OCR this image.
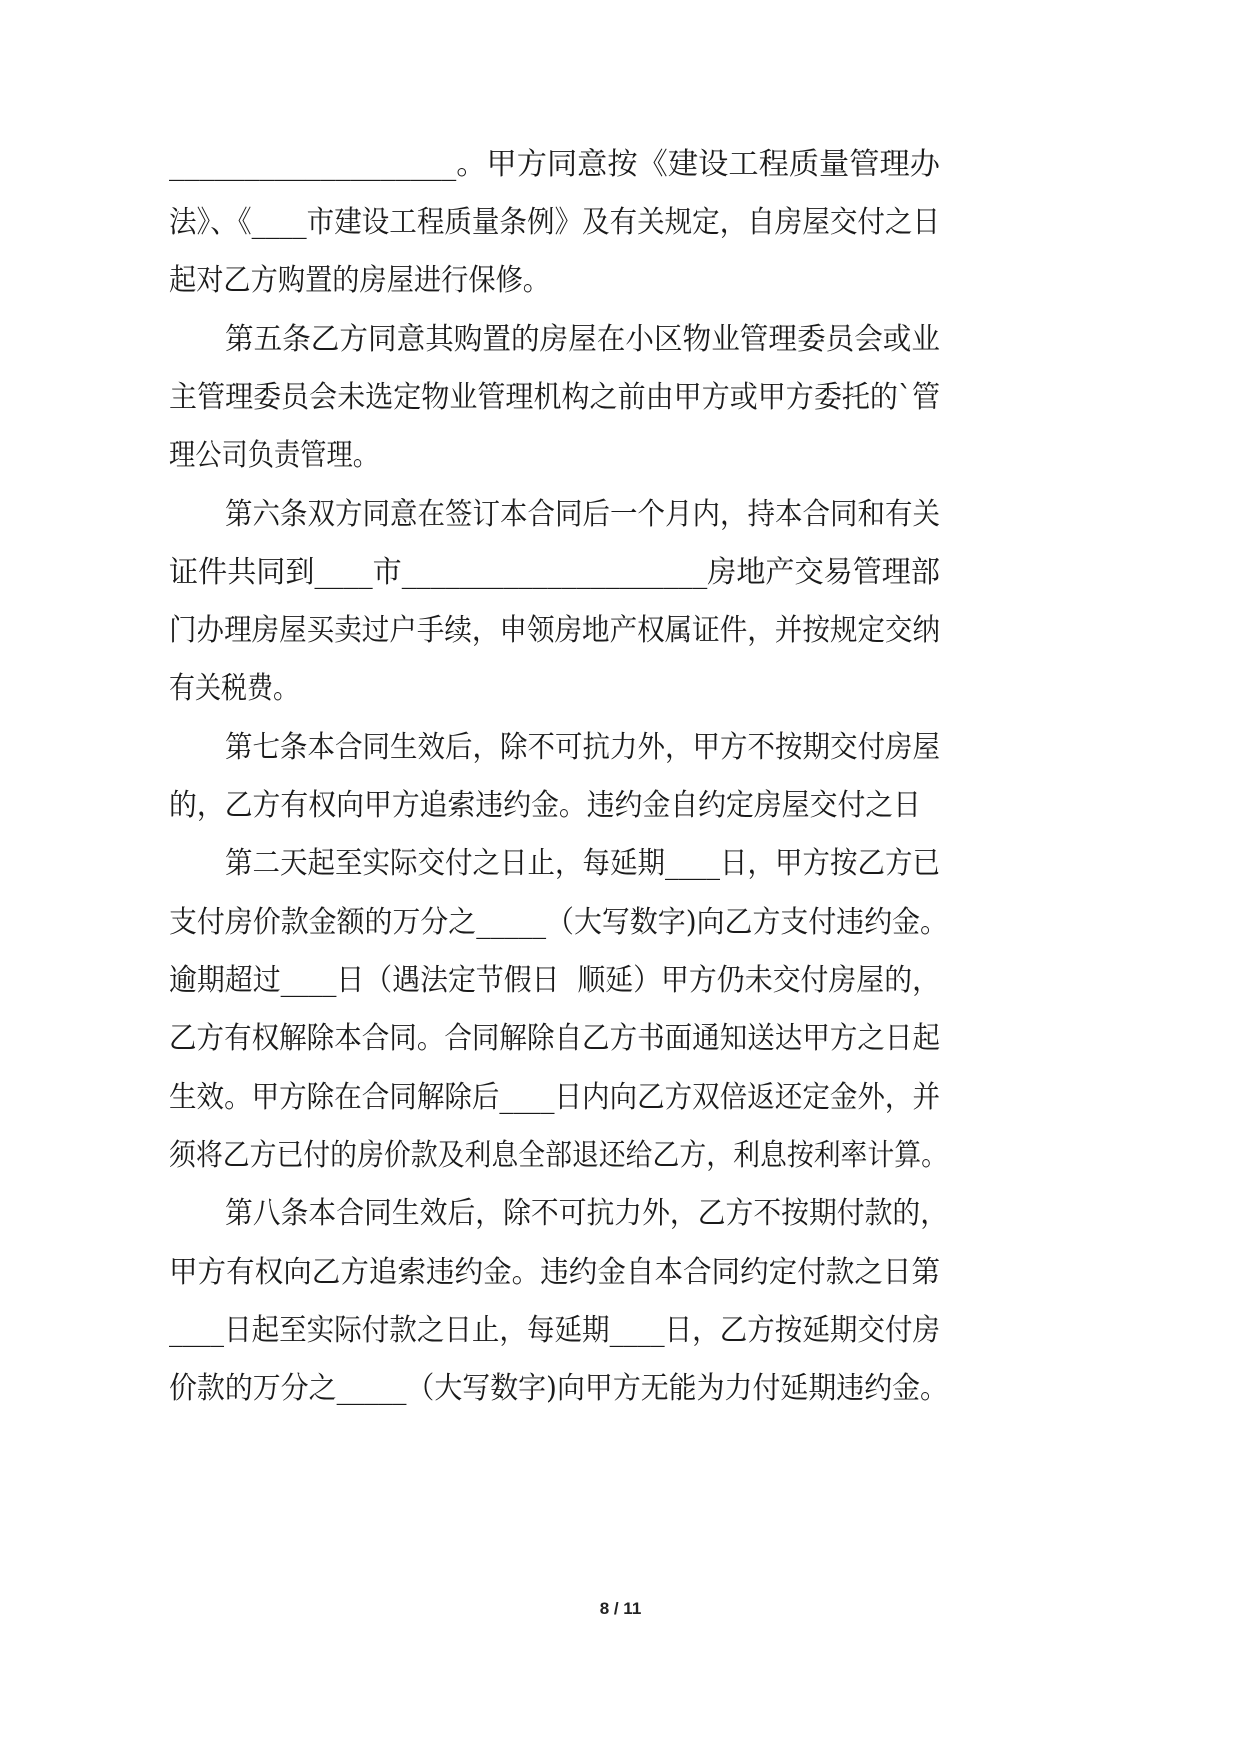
___________________。甲方同意按《建设工程质量管理办
法》、《____市建设工程质量条例》及有关规定，自房屋交付之日
起对乙方购置的房屋进行保修。
第五条乙方同意其购置的房屋在小区物业管理委员会或业
主管理委员会未选定物业管理机构之前由甲方或甲方委托的`管
理公司负责管理。
第六条双方同意在签订本合同后一个月内，持本合同和有关
证件共同到____市_____________________房地产交易管理部
门办理房屋买卖过户手续，申领房地产权属证件，并按规定交纳
有关税费。
第七条本合同生效后，除不可抗力外，甲方不按期交付房屋
的，乙方有权向甲方追索违约金。违约金自约定房屋交付之日
第二天起至实际交付之日止，每延期____日，甲方按乙方已
支付房价款金额的万分之_____（大写数字)向乙方支付违约金。
逾期超过____日（遇法定节假日  顺延）甲方仍未交付房屋的，
乙方有权解除本合同。合同解除自乙方书面通知送达甲方之日起
生效。甲方除在合同解除后____日内向乙方双倍返还定金外，并
须将乙方已付的房价款及利息全部退还给乙方，利息按利率计算。
第八条本合同生效后，除不可抗力外，乙方不按期付款的，
甲方有权向乙方追索违约金。违约金自本合同约定付款之日第
____日起至实际付款之日止，每延期____日，乙方按延期交付房
价款的万分之_____（大写数字)向甲方无能为力付延期违约金。
8 / 11
